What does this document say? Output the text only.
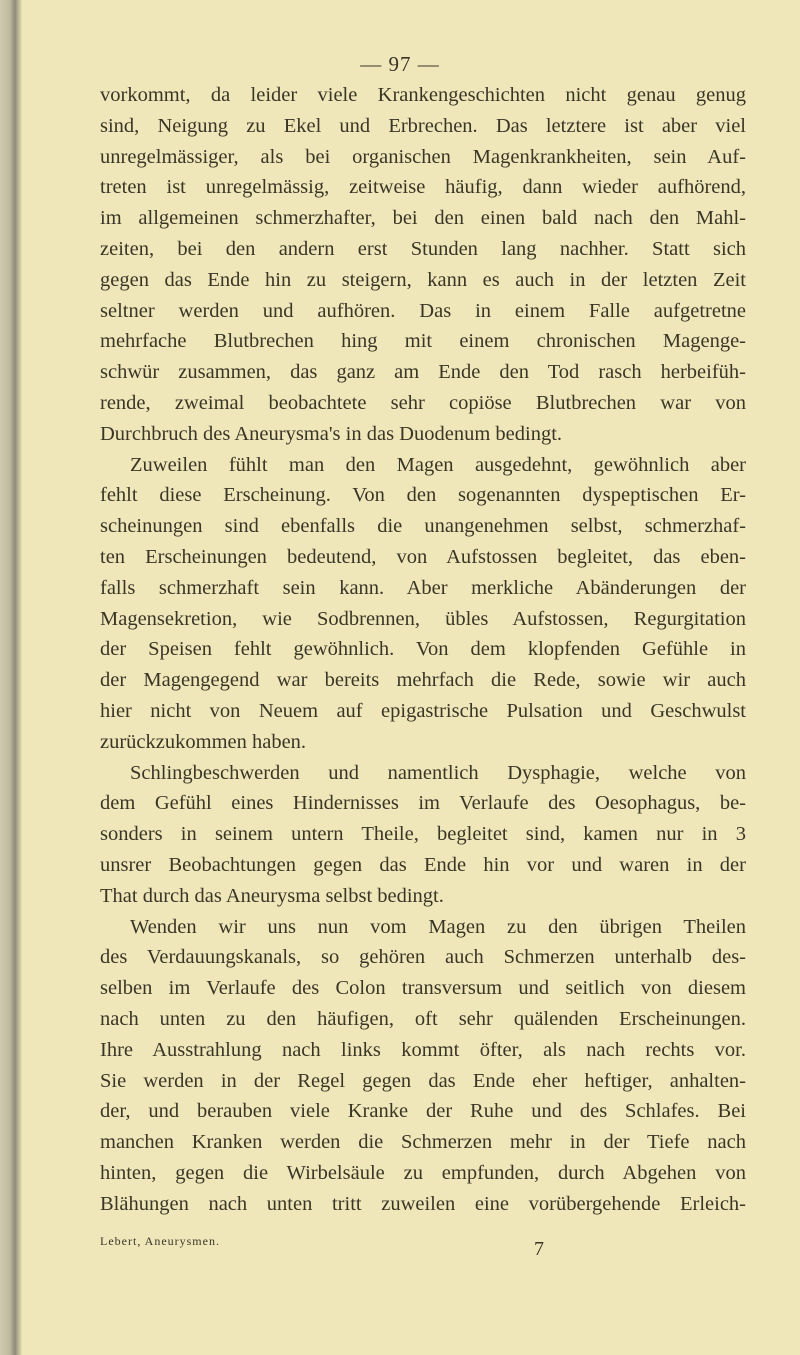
— 97 —
vorkommt, da leider viele Krankengeschichten nicht genau genug
sind, Neigung zu Ekel und Erbrechen. Das letztere ist aber viel
unregelmässiger, als bei organischen Magenkrankheiten, sein Auf-
treten ist unregelmässig, zeitweise häufig, dann wieder aufhörend,
im allgemeinen schmerzhafter, bei den einen bald nach den Mahl-
zeiten, bei den andern erst Stunden lang nachher. Statt sich
gegen das Ende hin zu steigern, kann es auch in der letzten Zeit
seltner werden und aufhören. Das in einem Falle aufgetretne
mehrfache Blutbrechen hing mit einem chronischen Magenge-
schwür zusammen, das ganz am Ende den Tod rasch herbeifüh-
rende, zweimal beobachtete sehr copiöse Blutbrechen war von
Durchbruch des Aneurysma's in das Duodenum bedingt.
Zuweilen fühlt man den Magen ausgedehnt, gewöhnlich aber
fehlt diese Erscheinung. Von den sogenannten dyspeptischen Er-
scheinungen sind ebenfalls die unangenehmen selbst, schmerzhaf-
ten Erscheinungen bedeutend, von Aufstossen begleitet, das eben-
falls schmerzhaft sein kann. Aber merkliche Abänderungen der
Magensekretion, wie Sodbrennen, übles Aufstossen, Regurgitation
der Speisen fehlt gewöhnlich. Von dem klopfenden Gefühle in
der Magengegend war bereits mehrfach die Rede, sowie wir auch
hier nicht von Neuem auf epigastrische Pulsation und Geschwulst
zurückzukommen haben.
Schlingbeschwerden und namentlich Dysphagie, welche von
dem Gefühl eines Hindernisses im Verlaufe des Oesophagus, be-
sonders in seinem untern Theile, begleitet sind, kamen nur in 3
unsrer Beobachtungen gegen das Ende hin vor und waren in der
That durch das Aneurysma selbst bedingt.
Wenden wir uns nun vom Magen zu den übrigen Theilen
des Verdauungskanals, so gehören auch Schmerzen unterhalb des-
selben im Verlaufe des Colon transversum und seitlich von diesem
nach unten zu den häufigen, oft sehr quälenden Erscheinungen.
Ihre Ausstrahlung nach links kommt öfter, als nach rechts vor.
Sie werden in der Regel gegen das Ende eher heftiger, anhalten-
der, und berauben viele Kranke der Ruhe und des Schlafes. Bei
manchen Kranken werden die Schmerzen mehr in der Tiefe nach
hinten, gegen die Wirbelsäule zu empfunden, durch Abgehen von
Blähungen nach unten tritt zuweilen eine vorübergehende Erleich-
Lebert, Aneurysmen.	7
